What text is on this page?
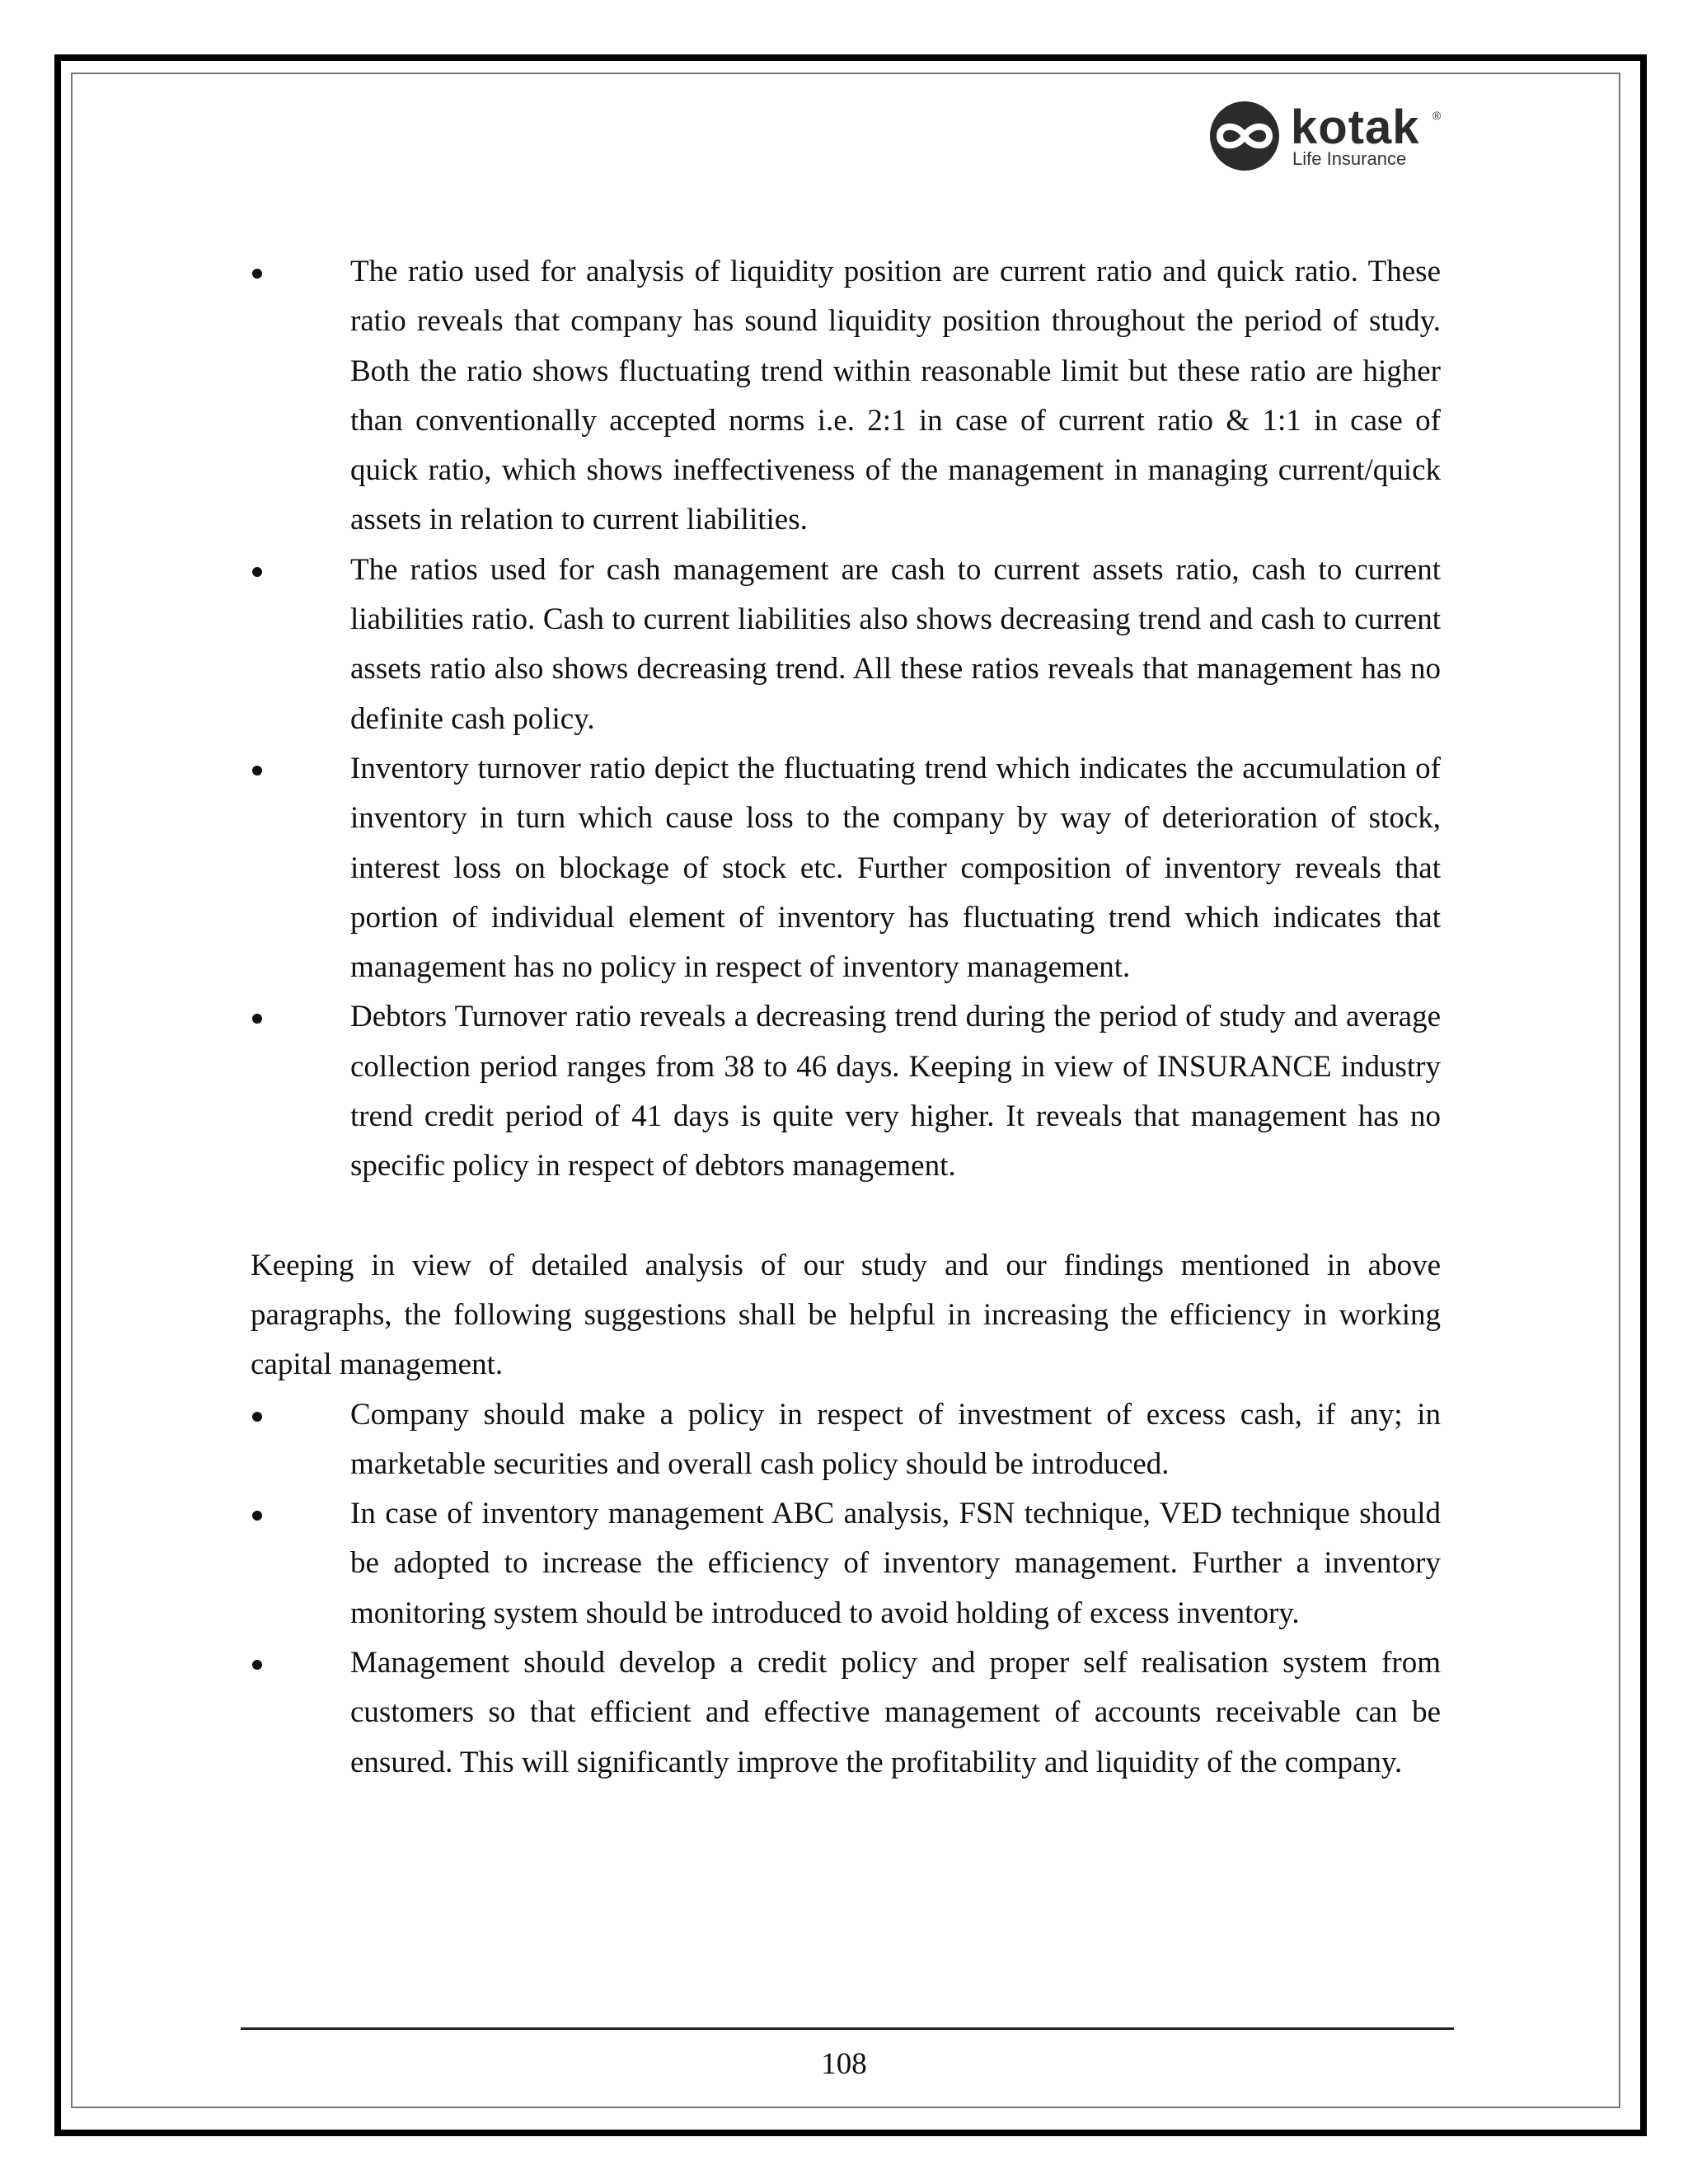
kotak ®
Life Insurance
The ratio used for analysis of liquidity position are current ratio and quick ratio. These ratio reveals that company has sound liquidity position throughout the period of study. Both the ratio shows fluctuating trend within reasonable limit but these ratio are higher than conventionally accepted norms i.e. 2:1 in case of current ratio & 1:1 in case of quick ratio, which shows ineffectiveness of the management in managing current/quick assets in relation to current liabilities.
The ratios used for cash management are cash to current assets ratio, cash to current liabilities ratio. Cash to current liabilities also shows decreasing trend and cash to current assets ratio also shows decreasing trend. All these ratios reveals that management has no definite cash policy.
Inventory turnover ratio depict the fluctuating trend which indicates the accumulation of inventory in turn which cause loss to the company by way of deterioration of stock, interest loss on blockage of stock etc. Further composition of inventory reveals that portion of individual element of inventory has fluctuating trend which indicates that management has no policy in respect of inventory management.
Debtors Turnover ratio reveals a decreasing trend during the period of study and average collection period ranges from 38 to 46 days. Keeping in view of INSURANCE industry trend credit period of 41 days is quite very higher. It reveals that management has no specific policy in respect of debtors management.

Keeping in view of detailed analysis of our study and our findings mentioned in above paragraphs, the following suggestions shall be helpful in increasing the efficiency in working capital management.

Company should make a policy in respect of investment of excess cash, if any; in marketable securities and overall cash policy should be introduced.
In case of inventory management ABC analysis, FSN technique, VED technique should be adopted to increase the efficiency of inventory management. Further a inventory monitoring system should be introduced to avoid holding of excess inventory.
Management should develop a credit policy and proper self realisation system from customers so that efficient and effective management of accounts receivable can be ensured. This will significantly improve the profitability and liquidity of the company.
108
